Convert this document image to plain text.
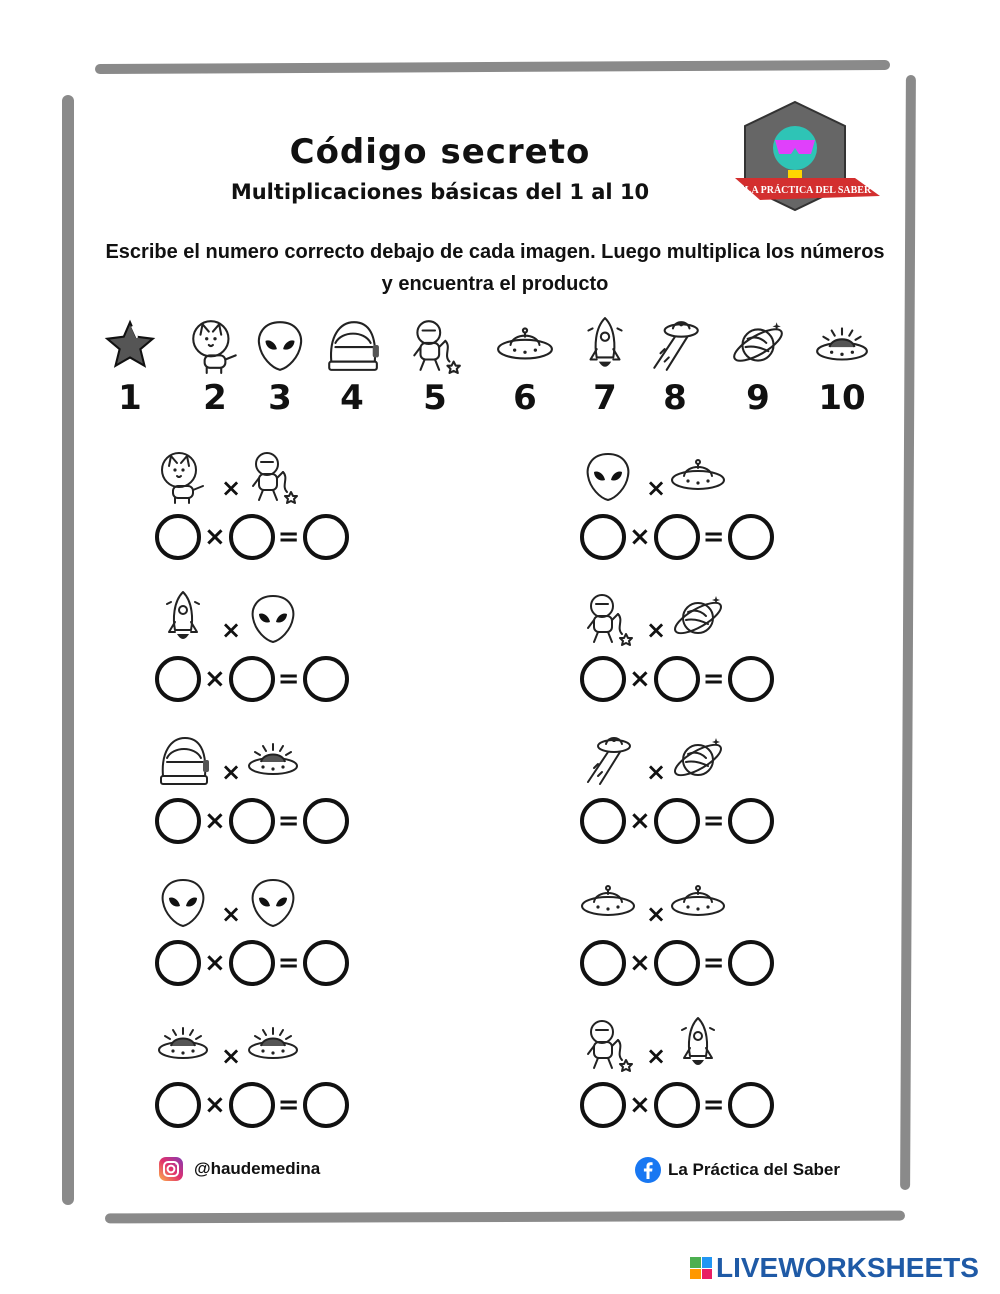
Código secreto
Multiplicaciones básicas del 1 al 10
Escribe el numero correcto debajo de cada imagen. Luego multiplica los números y encuentra el producto
LA PRÁCTICA DEL SABER
1	2	3	4	5	6	7	8	9	10
×
× =
×
× =
×
× =
×
× =
×
× =
×
× =
×
× =
×
× =
×
× =
×
× =
@haudemedina	La Práctica del Saber
LIVEWORKSHEETS
